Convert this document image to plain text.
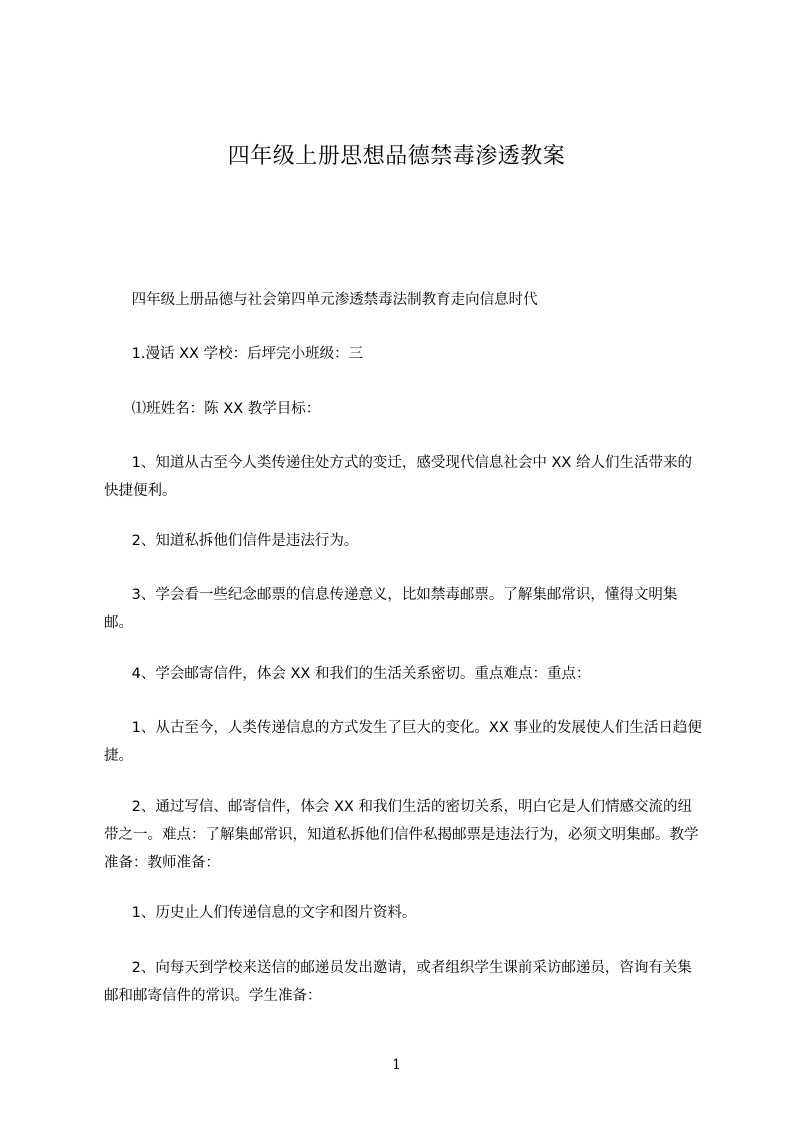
四年级上册思想品德禁毒渗透教案
四年级上册品德与社会第四单元渗透禁毒法制教育走向信息时代
1.漫话 XX 学校：后坪完小班级：三
⑴班姓名：陈 XX 教学目标：
1、知道从古至今人类传递住处方式的变迁，感受现代信息社会中 XX 给人们生活带来的快捷便利。
2、知道私拆他们信件是违法行为。
3、学会看一些纪念邮票的信息传递意义，比如禁毒邮票。了解集邮常识，懂得文明集邮。
4、学会邮寄信件，体会 XX 和我们的生活关系密切。重点难点：重点：
1、从古至今，人类传递信息的方式发生了巨大的变化。XX 事业的发展使人们生活日趋便捷。
2、通过写信、邮寄信件，体会 XX 和我们生活的密切关系，明白它是人们情感交流的纽带之一。难点：了解集邮常识，知道私拆他们信件私揭邮票是违法行为，必须文明集邮。教学准备：教师准备：
1、历史止人们传递信息的文字和图片资料。
2、向每天到学校来送信的邮递员发出邀请，或者组织学生课前采访邮递员，咨询有关集邮和邮寄信件的常识。学生准备：
1
